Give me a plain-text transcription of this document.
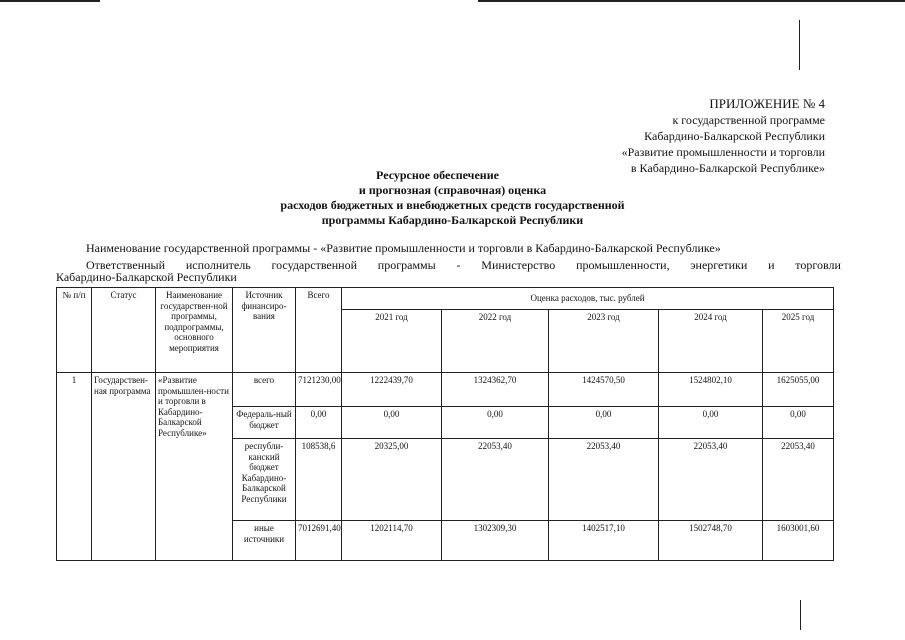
ПРИЛОЖЕНИЕ № 4
к государственной программе
Кабардино-Балкарской Республики
«Развитие промышленности и торговли
в Кабардино-Балкарской Республике»
Ресурсное обеспечение
и прогнозная (справочная) оценка
расходов бюджетных и внебюджетных средств государственной
программы Кабардино-Балкарской Республики
Наименование государственной программы - «Развитие промышленности и торговли в Кабардино-Балкарской Республике»
Ответственный исполнитель государственной программы - Министерство промышленности, энергетики и торговли
Кабардино-Балкарской Республики
№ п/п	Статус	Наименование государствен-ной программы, подпрограммы, основного мероприятия	Источник финансиро-вания	Всего	Оценка расходов, тыс. рублей				
					2021 год	2022 год	2023 год	2024 год	2025 год
1	Государствен-ная программа	«Развитие промышлен-ности и торговли в Кабардино-Балкарской Республике»	всего	7121230,00	1222439,70	1324362,70	1424570,50	1524802,10	1625055,00
			Федераль-ный бюджет	0,00	0,00	0,00	0,00	0,00	0,00
			республи-канский бюджет Кабардино-Балкарской Республики	108538,6	20325,00	22053,40	22053,40	22053,40	22053,40
			иные источники	7012691,40	1202114,70	1302309,30	1402517,10	1502748,70	1603001,60
